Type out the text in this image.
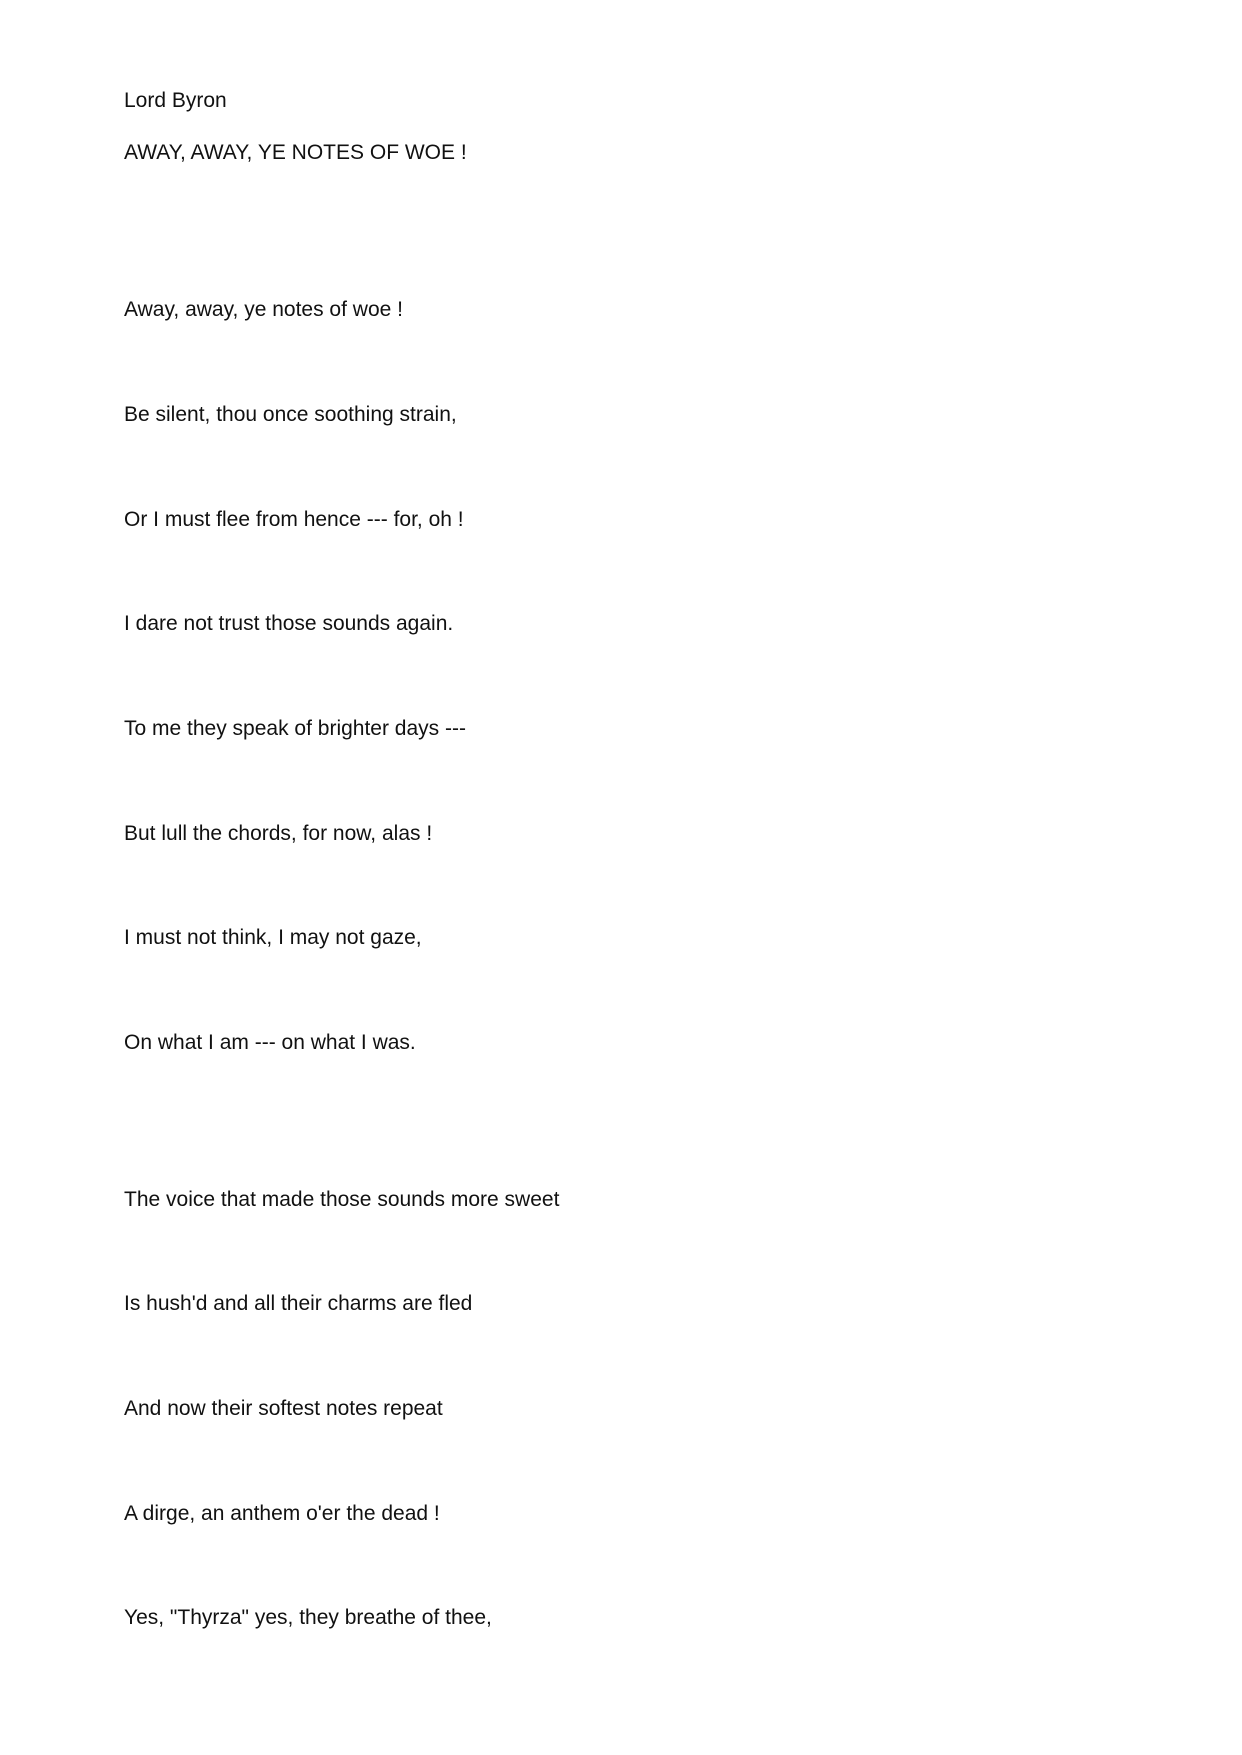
Lord Byron

AWAY, AWAY, YE NOTES OF WOE !

Away, away, ye notes of woe !

Be silent, thou once soothing strain,

Or I must flee from hence --- for, oh !

I dare not trust those sounds again.

To me they speak of brighter days ---

But lull the chords, for now, alas !

I must not think, I may not gaze,

On what I am --- on what I was.

The voice that made those sounds more sweet

Is hush'd and all their charms are fled

And now their softest notes repeat

A dirge, an anthem o'er the dead !

Yes, "Thyrza" yes, they breathe of thee,
